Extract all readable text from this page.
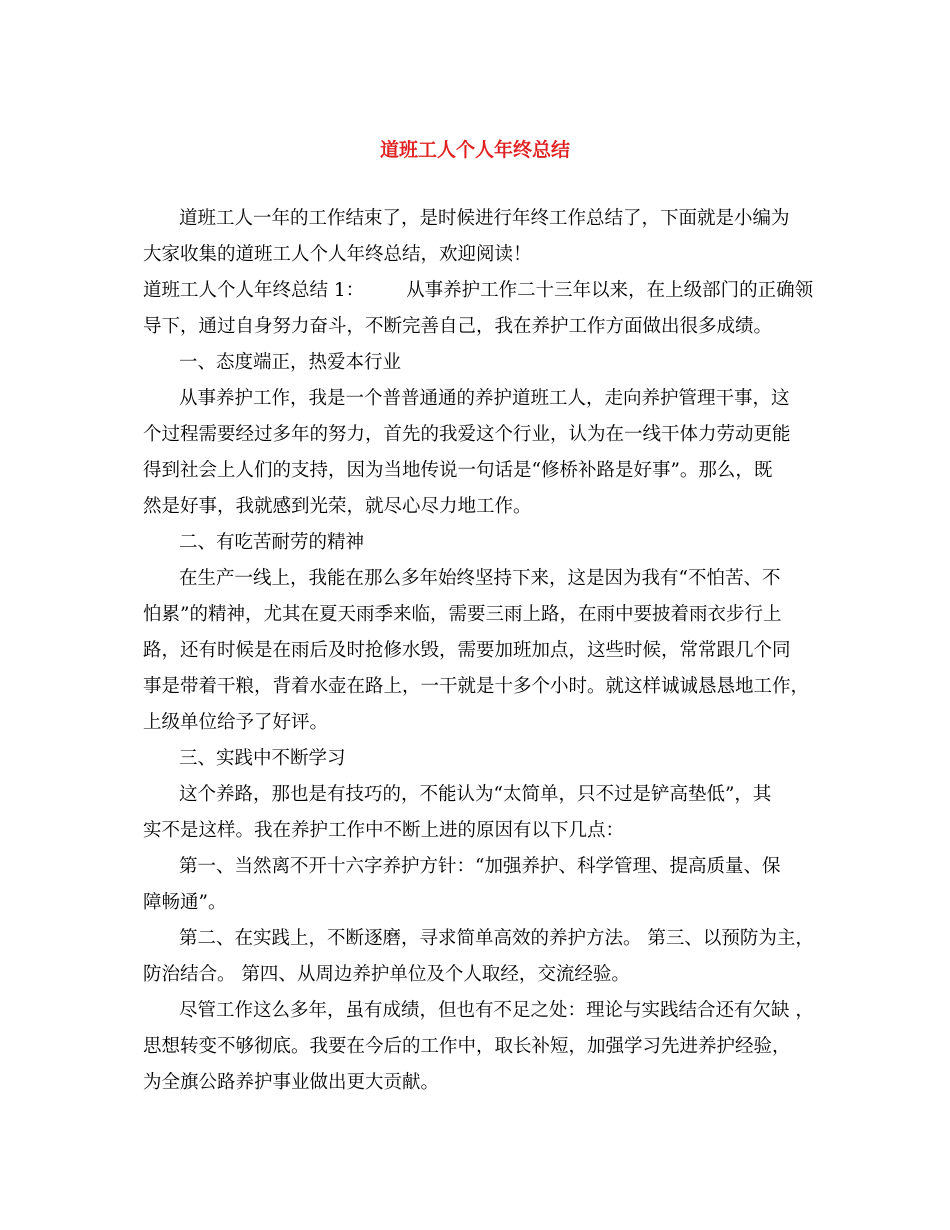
道班工人个人年终总结
道班工人一年的工作结束了，是时候进行年终工作总结了，下面就是小编为
大家收集的道班工人个人年终总结，欢迎阅读！
道班工人个人年终总结 1： 从事养护工作二十三年以来，在上级部门的正确领
导下，通过自身努力奋斗，不断完善自己，我在养护工作方面做出很多成绩。
一、态度端正，热爱本行业
从事养护工作，我是一个普普通通的养护道班工人，走向养护管理干事，这
个过程需要经过多年的努力，首先的我爱这个行业，认为在一线干体力劳动更能
得到社会上人们的支持，因为当地传说一句话是“修桥补路是好事”。那么，既
然是好事，我就感到光荣，就尽心尽力地工作。
二、有吃苦耐劳的精神
在生产一线上，我能在那么多年始终坚持下来，这是因为我有“不怕苦、不
怕累”的精神，尤其在夏天雨季来临，需要三雨上路，在雨中要披着雨衣步行上
路，还有时候是在雨后及时抢修水毁，需要加班加点，这些时候，常常跟几个同
事是带着干粮，背着水壶在路上，一干就是十多个小时。就这样诚诚恳恳地工作，
上级单位给予了好评。
三、实践中不断学习
这个养路，那也是有技巧的，不能认为“太简单，只不过是铲高垫低”，其
实不是这样。我在养护工作中不断上进的原因有以下几点：
第一、当然离不开十六字养护方针：“加强养护、科学管理、提高质量、保
障畅通”。
第二、在实践上，不断逐磨，寻求简单高效的养护方法。 第三、以预防为主，
防治结合。 第四、从周边养护单位及个人取经，交流经验。
尽管工作这么多年，虽有成绩，但也有不足之处：理论与实践结合还有欠缺 ，
思想转变不够彻底。我要在今后的工作中，取长补短，加强学习先进养护经验，
为全旗公路养护事业做出更大贡献。
